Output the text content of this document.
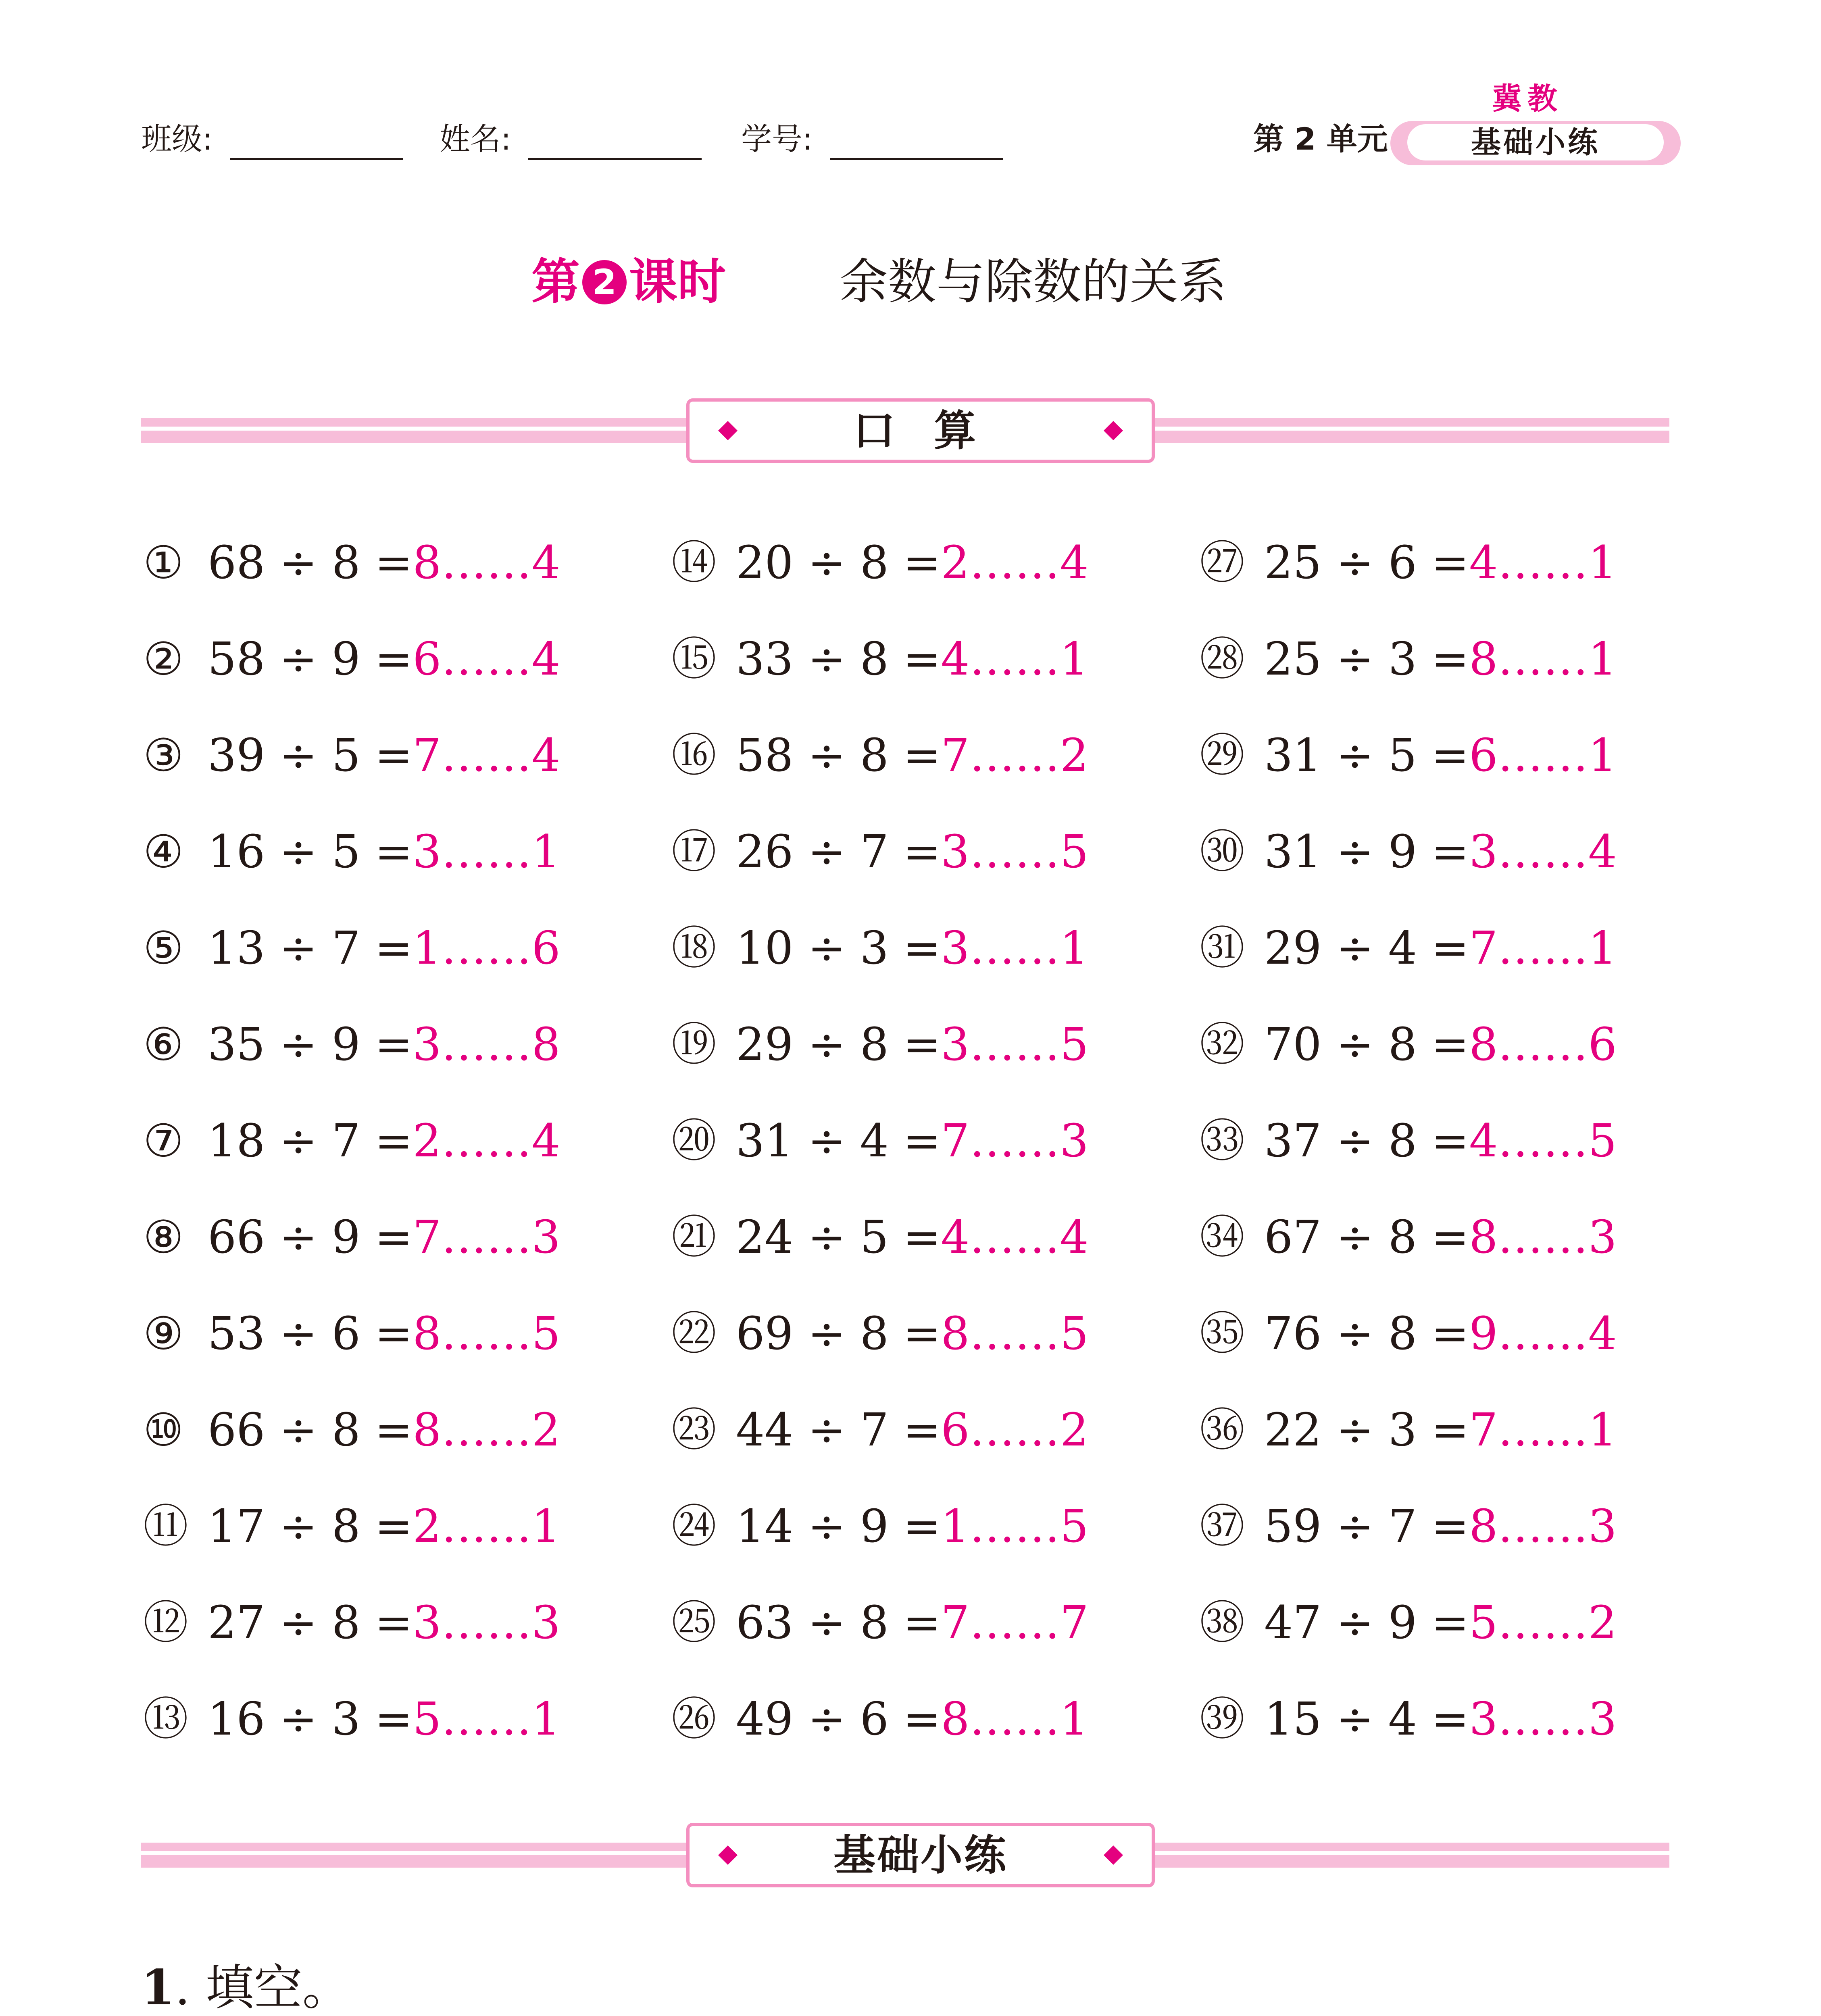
班级:	姓名:	学号:	第 2 单元
冀教
基础小练
第 2 课时 余数与除数的关系
口 算
① 68 ÷ 8 = 8……4
② 58 ÷ 9 = 6……4
③ 39 ÷ 5 = 7……4
④ 16 ÷ 5 = 3……1
⑤ 13 ÷ 7 = 1……6
⑥ 35 ÷ 9 = 3……8
⑦ 18 ÷ 7 = 2……4
⑧ 66 ÷ 9 = 7……3
⑨ 53 ÷ 6 = 8……5
⑩ 66 ÷ 8 = 8……2
⑪ 17 ÷ 8 = 2……1
⑫ 27 ÷ 8 = 3……3
⑬ 16 ÷ 3 = 5……1
⑭ 20 ÷ 8 = 2……4
⑮ 33 ÷ 8 = 4……1
⑯ 58 ÷ 8 = 7……2
⑰ 26 ÷ 7 = 3……5
⑱ 10 ÷ 3 = 3……1
⑲ 29 ÷ 8 = 3……5
⑳ 31 ÷ 4 = 7……3
㉑ 24 ÷ 5 = 4……4
㉒ 69 ÷ 8 = 8……5
㉓ 44 ÷ 7 = 6……2
㉔ 14 ÷ 9 = 1……5
㉕ 63 ÷ 8 = 7……7
㉖ 49 ÷ 6 = 8……1
㉗ 25 ÷ 6 = 4……1
㉘ 25 ÷ 3 = 8……1
㉙ 31 ÷ 5 = 6……1
㉚ 31 ÷ 9 = 3……4
㉛ 29 ÷ 4 = 7……1
㉜ 70 ÷ 8 = 8……6
㉝ 37 ÷ 8 = 4……5
㉞ 67 ÷ 8 = 8……3
㉟ 76 ÷ 8 = 9……4
㊱ 22 ÷ 3 = 7……1
㊲ 59 ÷ 7 = 8……3
㊳ 47 ÷ 9 = 5……2
㊴ 15 ÷ 4 = 3……3
基础小练
1. 填空。
